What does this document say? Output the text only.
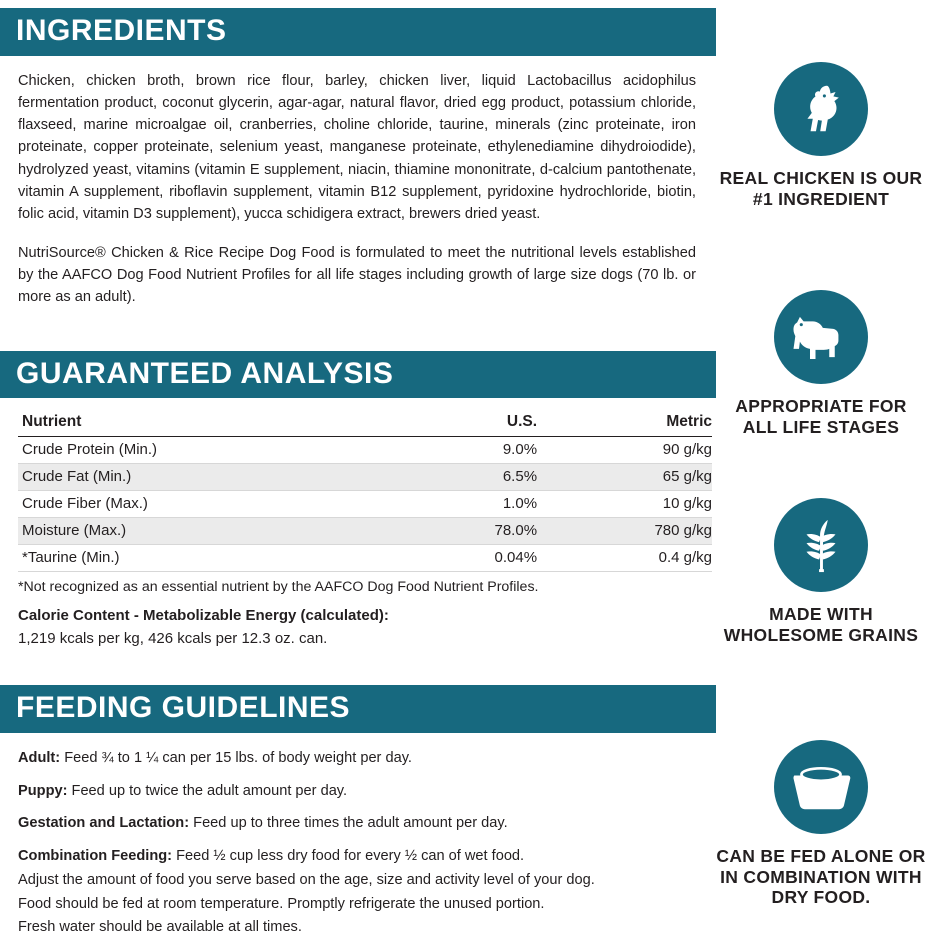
INGREDIENTS
Chicken, chicken broth, brown rice flour, barley, chicken liver, liquid Lactobacillus acidophilus fermentation product, coconut glycerin, agar-agar, natural flavor, dried egg product, potassium chloride, flaxseed, marine microalgae oil, cranberries, choline chloride, taurine, minerals (zinc proteinate, iron proteinate, copper proteinate, selenium yeast, manganese proteinate, ethylenediamine dihydroiodide), hydrolyzed yeast, vitamins (vitamin E supplement, niacin, thiamine mononitrate, d-calcium pantothenate, vitamin A supplement, riboflavin supplement, vitamin B12 supplement, pyridoxine hydrochloride, biotin, folic acid, vitamin D3 supplement), yucca schidigera extract, brewers dried yeast.
NutriSource® Chicken & Rice Recipe Dog Food is formulated to meet the nutritional levels established by the AAFCO Dog Food Nutrient Profiles for all life stages including growth of large size dogs (70 lb. or more as an adult).
GUARANTEED ANALYSIS
Nutrient	U.S.	Metric
Crude Protein (Min.)	9.0%	90 g/kg
Crude Fat (Min.)	6.5%	65 g/kg
Crude Fiber (Max.)	1.0%	10 g/kg
Moisture (Max.)	78.0%	780 g/kg
*Taurine (Min.)	0.04%	0.4 g/kg
*Not recognized as an essential nutrient by the AAFCO Dog Food Nutrient Profiles.
Calorie Content - Metabolizable Energy (calculated):
1,219 kcals per kg, 426 kcals per 12.3 oz. can.
FEEDING GUIDELINES

Adult: Feed ¾ to 1 ¼ can per 15 lbs. of body weight per day.

Puppy: Feed up to twice the adult amount per day.

Gestation and Lactation: Feed up to three times the adult amount per day.

Combination Feeding: Feed ½ cup less dry food for every ½ can of wet food.

Adjust the amount of food you serve based on the age, size and activity level of your dog.

Food should be fed at room temperature. Promptly refrigerate the unused portion.

Fresh water should be available at all times.

REAL CHICKEN IS OUR #1 INGREDIENT
APPROPRIATE FOR ALL LIFE STAGES
MADE WITH WHOLESOME GRAINS
CAN BE FED ALONE OR IN COMBINATION WITH DRY FOOD.
